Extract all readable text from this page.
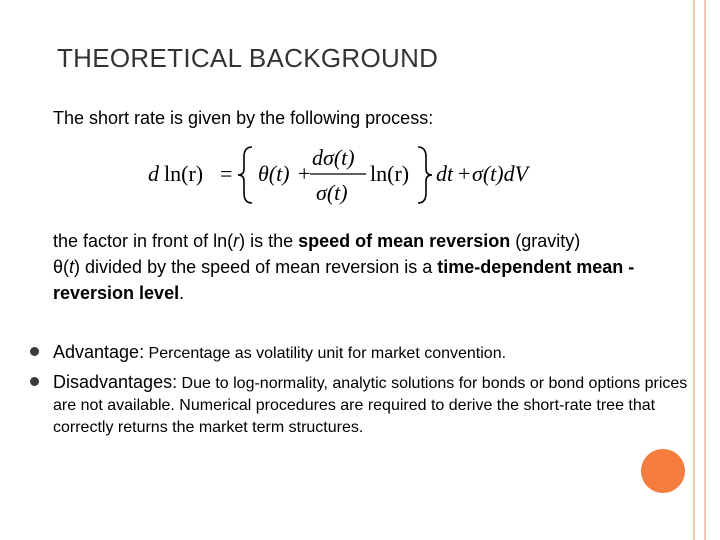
THEORETICAL BACKGROUND
The short rate is given by the following process:
d ln(r) = θ(t) +
dσ(t)
σ(t)
ln(r) dt + σ(t)dV
the factor in front of ln(r) is the speed of mean reversion (gravity)
θ(t) divided by the speed of mean reversion is a time-dependent mean -reversion level.
Advantage: Percentage as volatility unit for market convention.
Disadvantages: Due to log-normality, analytic solutions for bonds or bond options prices are not available. Numerical procedures are required to derive the short-rate tree that correctly returns the market term structures.
